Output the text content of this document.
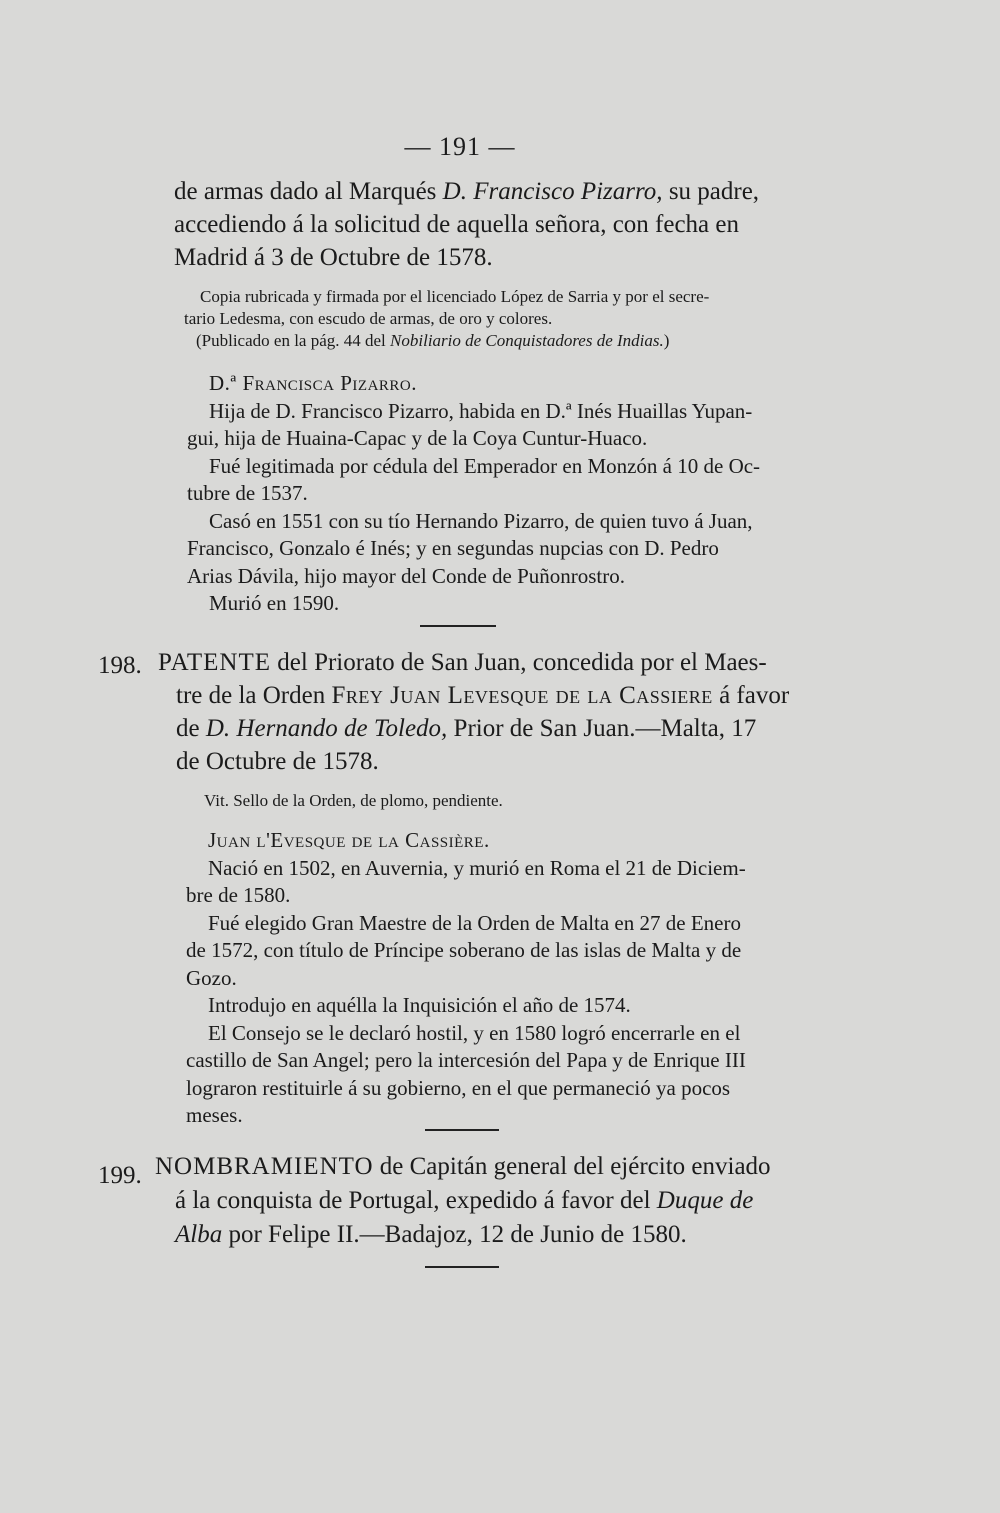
— 191 —

de armas dado al Marqués D. Francisco Pizarro, su padre,
accediendo á la solicitud de aquella señora, con fecha en
Madrid á 3 de Octubre de 1578.

Copia rubricada y firmada por el licenciado López de Sarria y por el secre-
tario Ledesma, con escudo de armas, de oro y colores.
(Publicado en la pág. 44 del Nobiliario de Conquistadores de Indias.)

D.ª Francisca Pizarro.
Hija de D. Francisco Pizarro, habida en D.ª Inés Huaillas Yupan-
gui, hija de Huaina-Capac y de la Coya Cuntur-Huaco.
Fué legitimada por cédula del Emperador en Monzón á 10 de Oc-
tubre de 1537.
Casó en 1551 con su tío Hernando Pizarro, de quien tuvo á Juan,
Francisco, Gonzalo é Inés; y en segundas nupcias con D. Pedro
Arias Dávila, hijo mayor del Conde de Puñonrostro.
Murió en 1590.

198. PATENTE del Priorato de San Juan, concedida por el Maes-
tre de la Orden Frey Juan Levesque de la Cassiere á favor
de D. Hernando de Toledo, Prior de San Juan.—Malta, 17
de Octubre de 1578.

Vit. Sello de la Orden, de plomo, pendiente.

Juan l'Evesque de la Cassière.
Nació en 1502, en Auvernia, y murió en Roma el 21 de Diciem-
bre de 1580.
Fué elegido Gran Maestre de la Orden de Malta en 27 de Enero
de 1572, con título de Príncipe soberano de las islas de Malta y de
Gozo.
Introdujo en aquélla la Inquisición el año de 1574.
El Consejo se le declaró hostil, y en 1580 logró encerrarle en el
castillo de San Angel; pero la intercesión del Papa y de Enrique III
lograron restituirle á su gobierno, en el que permaneció ya pocos
meses.

199. NOMBRAMIENTO de Capitán general del ejército enviado
á la conquista de Portugal, expedido á favor del Duque de
Alba por Felipe II.—Badajoz, 12 de Junio de 1580.
